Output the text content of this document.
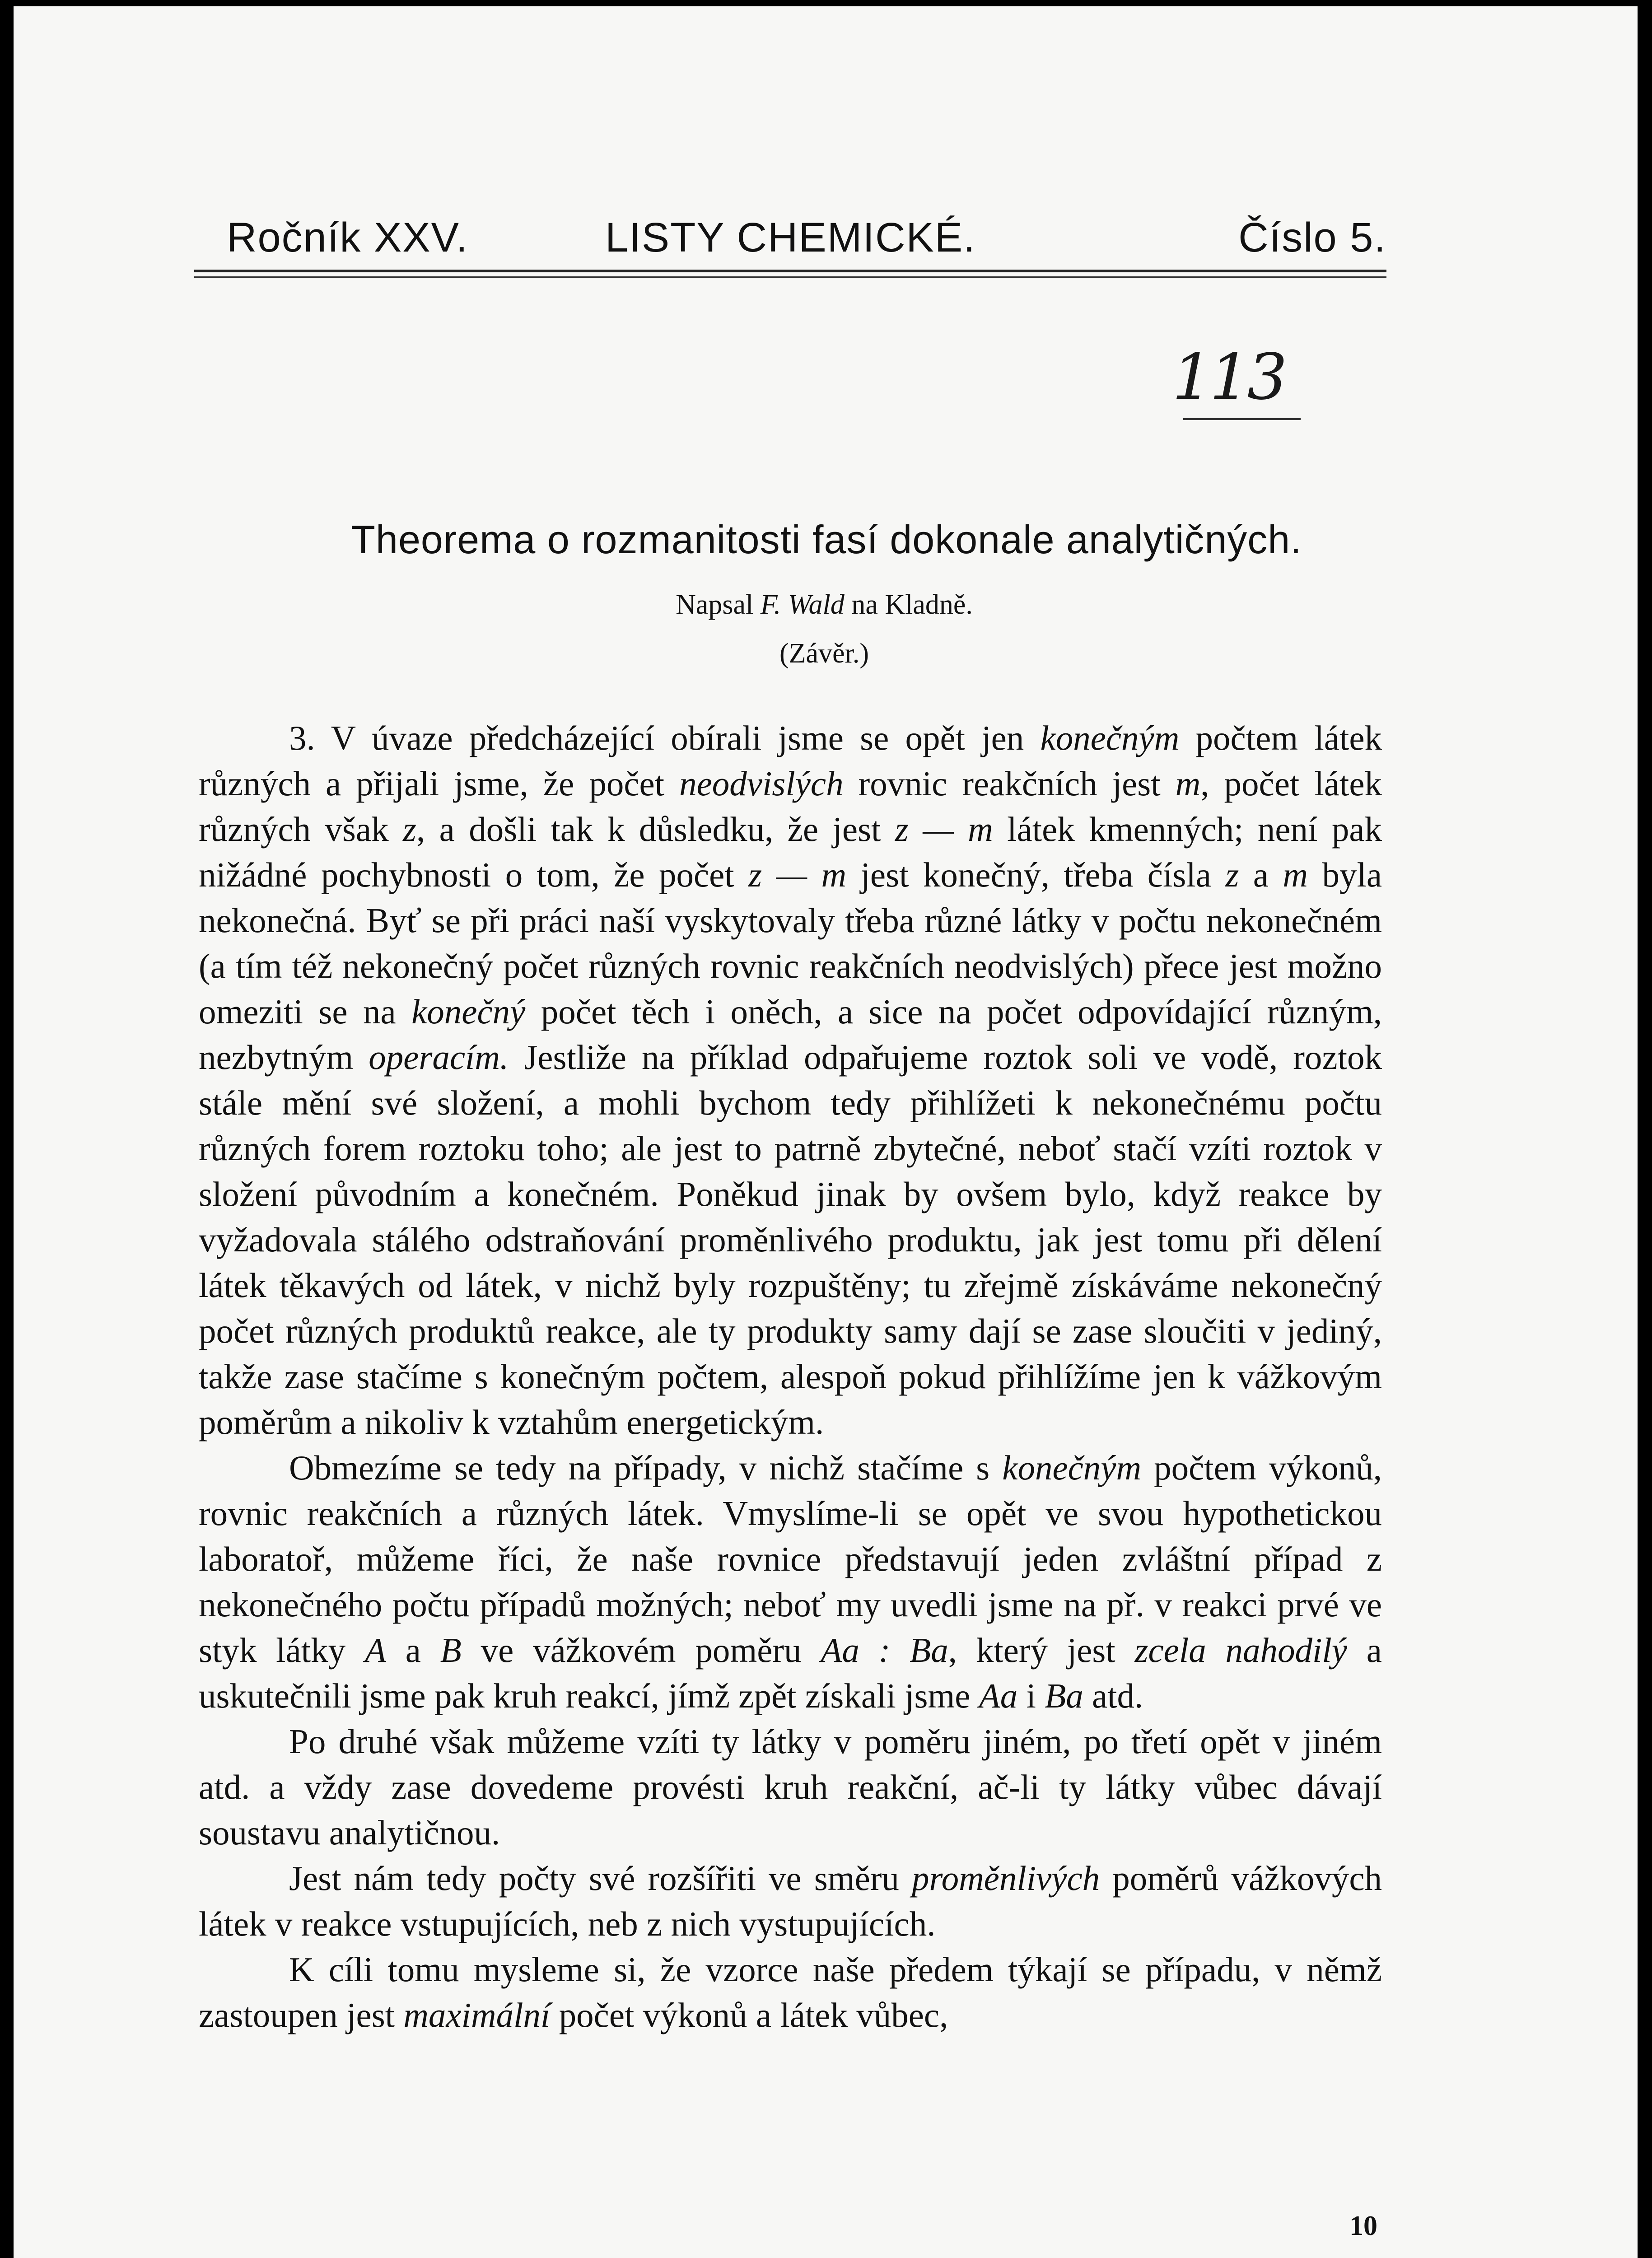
Ročník XXV.	LISTY CHEMICKÉ.	Číslo 5.
113
Theorema o rozmanitosti fasí dokonale analytičných.
Napsal F. Wald na Kladně.
(Závěr.)

3. V úvaze předcházející obírali jsme se opět jen konečným počtem látek různých a přijali jsme, že počet neodvislých rovnic reakčních jest m, počet látek různých však z, a došli tak k důsledku, že jest z — m látek kmenných; není pak nižádné pochybnosti o tom, že počet z — m jest konečný, třeba čísla z a m byla nekonečná. Byť se při práci naší vyskytovaly třeba různé látky v počtu nekonečném (a tím též nekonečný počet různých rovnic reakčních neodvislých) přece jest možno omeziti se na konečný počet těch i oněch, a sice na počet odpovídající různým, nezbytným operacím. Jestliže na příklad odpařujeme roztok soli ve vodě, roztok stále mění své složení, a mohli bychom tedy přihlížeti k nekonečnému počtu různých forem roztoku toho; ale jest to patrně zbytečné, neboť stačí vzíti roztok v složení původním a konečném. Poněkud jinak by ovšem bylo, když reakce by vyžadovala stálého odstraňování proměnlivého produktu, jak jest tomu při dělení látek těkavých od látek, v nichž byly rozpuštěny; tu zřejmě získáváme nekonečný počet různých produktů reakce, ale ty produkty samy dají se zase sloučiti v jediný, takže zase stačíme s konečným počtem, alespoň pokud přihlížíme jen k vážkovým poměrům a nikoliv k vztahům energetickým.

Obmezíme se tedy na případy, v nichž stačíme s konečným počtem výkonů, rovnic reakčních a různých látek. Vmyslíme-li se opět ve svou hypothetickou laboratoř, můžeme říci, že naše rovnice představují jeden zvláštní případ z nekonečného počtu případů možných; neboť my uvedli jsme na př. v reakci prvé ve styk látky A a B ve vážkovém poměru Aa : Ba, který jest zcela nahodilý a uskutečnili jsme pak kruh reakcí, jímž zpět získali jsme Aa i Ba atd.

Po druhé však můžeme vzíti ty látky v poměru jiném, po třetí opět v jiném atd. a vždy zase dovedeme provésti kruh reakční, ač-li ty látky vůbec dávají soustavu analytičnou.

Jest nám tedy počty své rozšířiti ve směru proměnlivých poměrů vážkových látek v reakce vstupujících, neb z nich vystupujících.

K cíli tomu mysleme si, že vzorce naše předem týkají se případu, v němž zastoupen jest maximální počet výkonů a látek vůbec,

10
